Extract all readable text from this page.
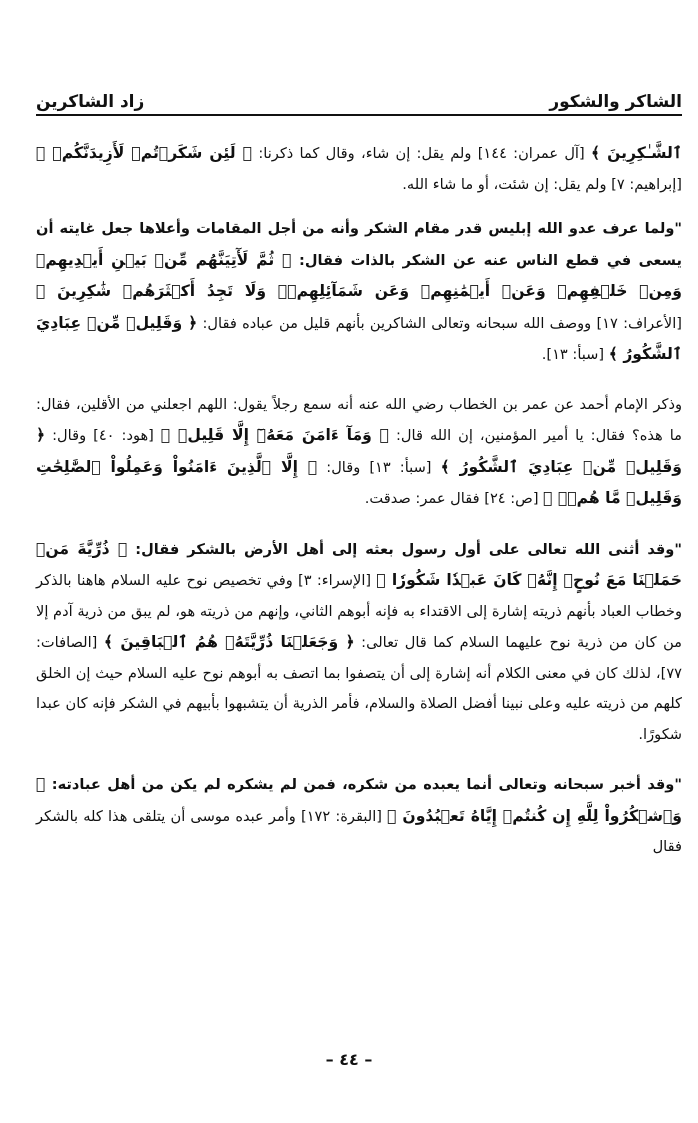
الشاكر والشكور
زاد الشاكرين

ٱلشَّـٰكِرِينَ ﴾ [آل عمران: ١٤٤] ولم يقل: إن شاء، وقال كما ذكرنا: ﴿ لَئِن شَكَرۡتُمۡ لَأَزِيدَنَّكُمۡ ﴾ [إبراهيم: ٧] ولم يقل: إن شئت، أو ما شاء الله.

"ولما عرف عدو الله إبليس قدر مقام الشكر وأنه من أجل المقامات وأعلاها جعل غايته أن يسعى في قطع الناس عنه عن الشكر بالذات فقال: ﴿ ثُمَّ لَأٓتِيَنَّهُم مِّنۢ بَيۡنِ أَيۡدِيهِمۡ وَمِنۡ خَلۡفِهِمۡ وَعَنۡ أَيۡمَٰنِهِمۡ وَعَن شَمَآئِلِهِمۡۖ وَلَا تَجِدُ أَكۡثَرَهُمۡ شَٰكِرِينَ ﴾ [الأعراف: ١٧] ووصف الله سبحانه وتعالى الشاكرين بأنهم قليل من عباده فقال: ﴿ وَقَلِيلٞ مِّنۡ عِبَادِيَ ٱلشَّكُورُ ﴾ [سبأ: ١٣].

وذكر الإمام أحمد عن عمر بن الخطاب رضي الله عنه أنه سمع رجلاً يقول: اللهم اجعلني من الأقلين، فقال: ما هذه؟ فقال: يا أمير المؤمنين، إن الله قال: ﴿ وَمَآ ءَامَنَ مَعَهُۥٓ إِلَّا قَلِيلٞ ﴾ [هود: ٤٠] وقال: ﴿ وَقَلِيلٞ مِّنۡ عِبَادِيَ ٱلشَّكُورُ ﴾ [سبأ: ١٣] وقال: ﴿ إِلَّا ٱلَّذِينَ ءَامَنُواْ وَعَمِلُواْ ٱلصَّٰلِحَٰتِ وَقَلِيلٞ مَّا هُمۡۗ ﴾ [ص: ٢٤] فقال عمر: صدقت.

"وقد أثنى الله تعالى على أول رسول بعثه إلى أهل الأرض بالشكر فقال: ﴿ ذُرِّيَّةَ مَنۡ حَمَلۡنَا مَعَ نُوحٍۚ إِنَّهُۥ كَانَ عَبۡدٗا شَكُورٗا ﴾ [الإسراء: ٣] وفي تخصيص نوح عليه السلام هاهنا بالذكر وخطاب العباد بأنهم ذريته إشارة إلى الاقتداء به فإنه أبوهم الثاني، وإنهم من ذريته هو، لم يبق من ذرية آدم إلا من كان من ذرية نوح عليهما السلام كما قال تعالى: ﴿ وَجَعَلۡنَا ذُرِّيَّتَهُۥ هُمُ ٱلۡبَاقِينَ ﴾ [الصافات: ٧٧]، لذلك كان في معنى الكلام أنه إشارة إلى أن يتصفوا بما اتصف به أبوهم نوح عليه السلام حيث إن الخلق كلهم من ذريته عليه وعلى نبينا أفضل الصلاة والسلام، فأمر الذرية أن يتشبهوا بأبيهم في الشكر فإنه كان عبدا شكورًا.

"وقد أخبر سبحانه وتعالى أنما يعبده من شكره، فمن لم يشكره لم يكن من أهل عبادته: ﴿ وَٱشۡكُرُواْ لِلَّهِ إِن كُنتُمۡ إِيَّاهُ تَعۡبُدُونَ ﴾ [البقرة: ١٧٢] وأمر عبده موسى أن يتلقى هذا كله بالشكر فقال

– ٤٤ –
